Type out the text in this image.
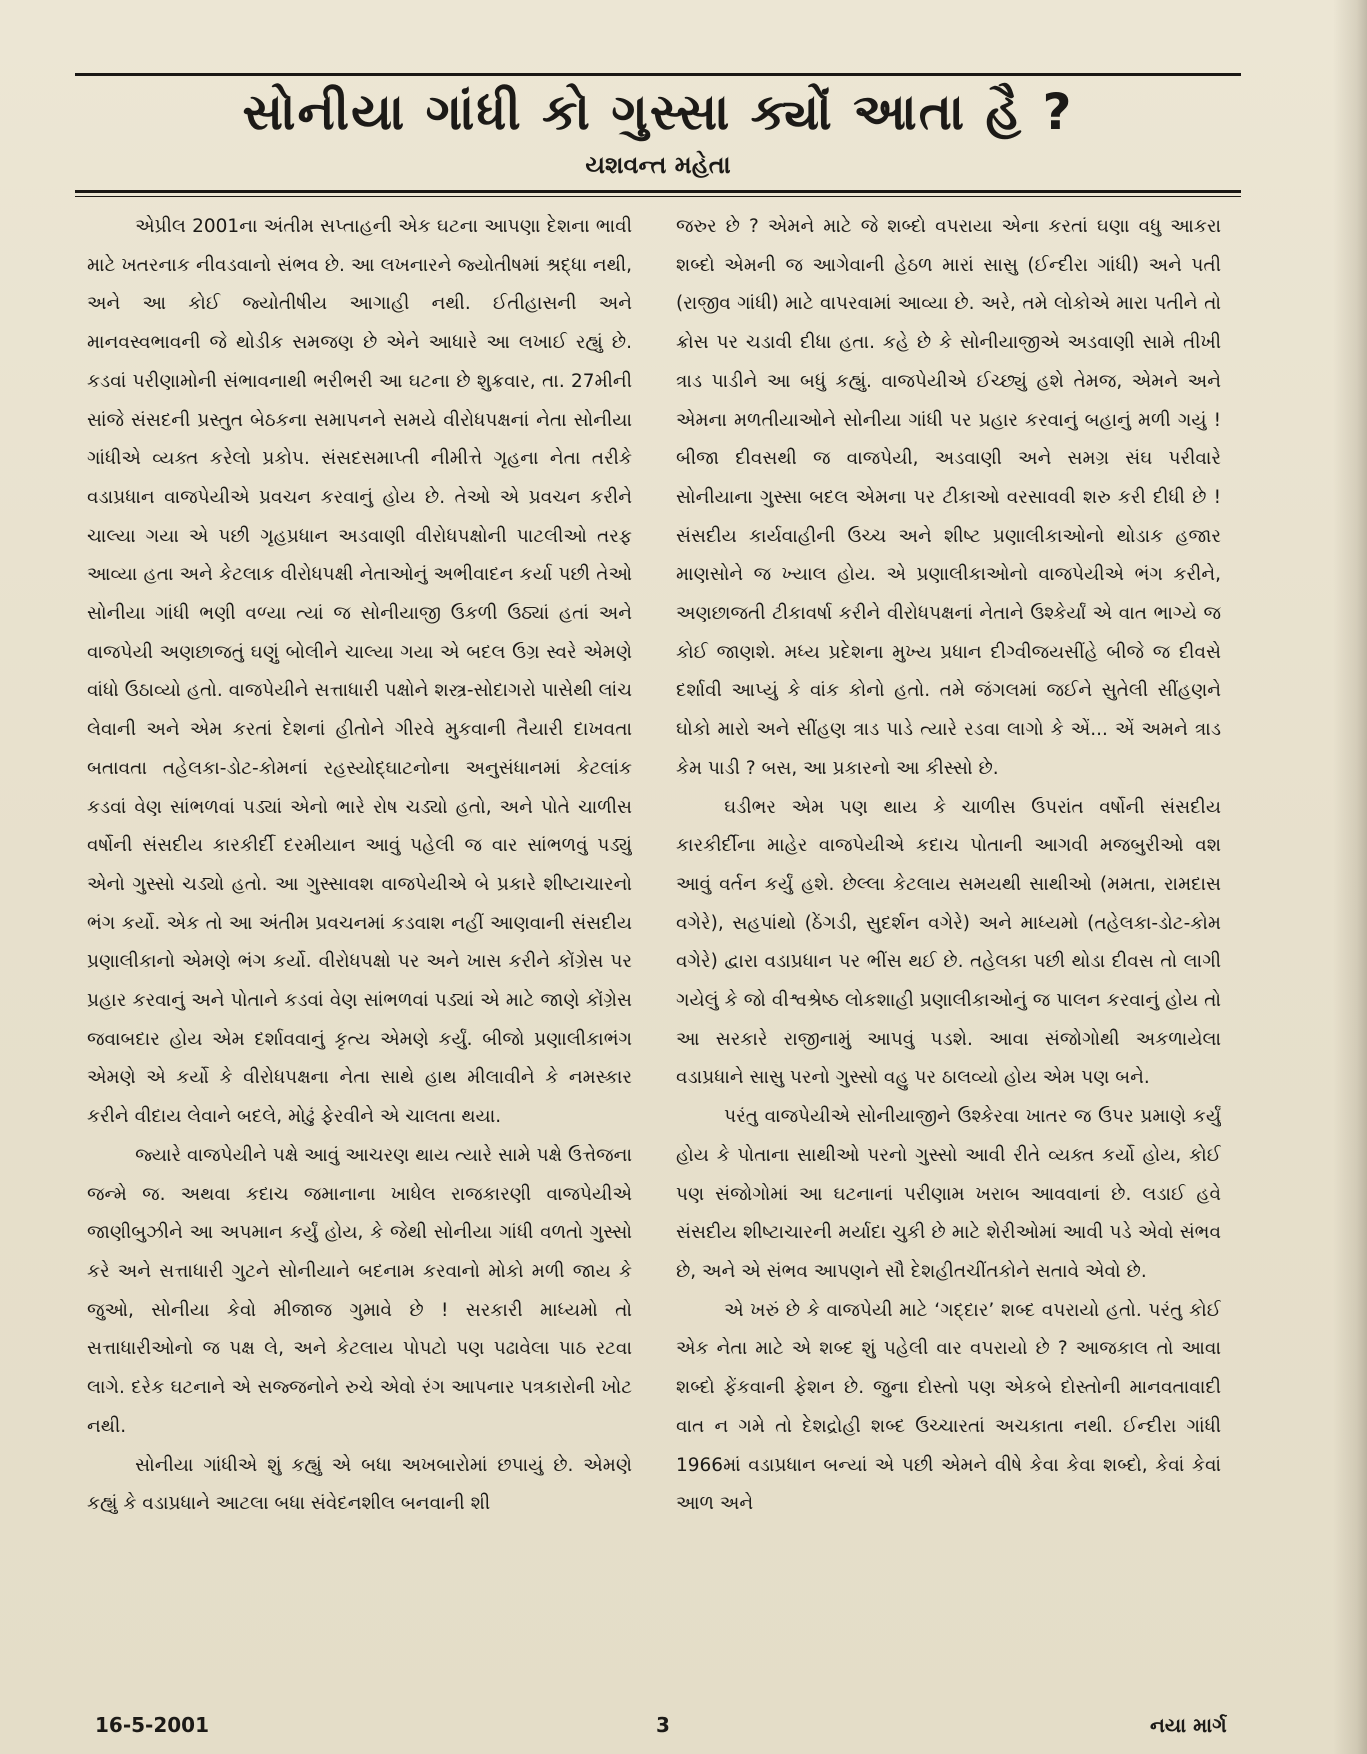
સોનીયા ગાંધી કો ગુસ્સા ક્યોં આતા હૈ ?
યશવન્ત મહેતા

એપ્રીલ 2001ના અંતીમ સપ્તાહની એક ઘટના આપણા દેશના ભાવી માટે ખતરનાક નીવડવાનો સંભવ છે. આ લખનારને જ્યોતીષમાં શ્રદ્ધા નથી, અને આ કોઈ જ્યોતીષીય આગાહી નથી. ઈતીહાસની અને માનવસ્વભાવની જે થોડીક સમજણ છે એને આધારે આ લખાઈ રહ્યું છે. કડવાં પરીણામોની સંભાવનાથી ભરીભરી આ ઘટના છે શુક્રવાર, તા. 27મીની સાંજે સંસદની પ્રસ્તુત બેઠકના સમાપનને સમયે વીરોધપક્ષનાં નેતા સોનીયા ગાંધીએ વ્યક્ત કરેલો પ્રકોપ. સંસદસમાપ્તી નીમીત્તે ગૃહના નેતા તરીકે વડાપ્રધાન વાજપેયીએ પ્રવચન કરવાનું હોય છે. તેઓ એ પ્રવચન કરીને ચાલ્યા ગયા એ પછી ગૃહપ્રધાન અડવાણી વીરોધપક્ષોની પાટલીઓ તરફ આવ્યા હતા અને કેટલાક વીરોધપક્ષી નેતાઓનું અભીવાદન કર્યા પછી તેઓ સોનીયા ગાંધી ભણી વળ્યા ત્યાં જ સોનીયાજી ઉકળી ઉઠ્યાં હતાં અને વાજપેયી અણછાજતું ઘણું બોલીને ચાલ્યા ગયા એ બદલ ઉગ્ર સ્વરે એમણે વાંધો ઉઠાવ્યો હતો. વાજપેયીને સત્તાધારી પક્ષોને શસ્ત્ર-સોદાગરો પાસેથી લાંચ લેવાની અને એમ કરતાં દેશનાં હીતોને ગીરવે મુકવાની તૈયારી દાખવતા બતાવતા તહેલકા-ડોટ-કોમનાં રહસ્યોદ્ઘાટનોના અનુસંધાનમાં કેટલાંક કડવાં વેણ સાંભળવાં પડ્યાં એનો ભારે રોષ ચડ્યો હતો, અને પોતે ચાળીસ વર્ષોની સંસદીય કારકીર્દી દરમીયાન આવું પહેલી જ વાર સાંભળવું પડ્યું એનો ગુસ્સો ચડ્યો હતો. આ ગુસ્સાવશ વાજપેયીએ બે પ્રકારે શીષ્ટાચારનો ભંગ કર્યો. એક તો આ અંતીમ પ્રવચનમાં કડવાશ નહીં આણવાની સંસદીય પ્રણાલીકાનો એમણે ભંગ કર્યો. વીરોધપક્ષો પર અને ખાસ કરીને કોંગ્રેસ પર પ્રહાર કરવાનું અને પોતાને કડવાં વેણ સાંભળવાં પડ્યાં એ માટે જાણે કોંગ્રેસ જવાબદાર હોય એમ દર્શાવવાનું કૃત્ય એમણે કર્યું. બીજો પ્રણાલીકાભંગ એમણે એ કર્યો કે વીરોધપક્ષના નેતા સાથે હાથ મીલાવીને કે નમસ્કાર કરીને વીદાય લેવાને બદલે, મોઢું ફેરવીને એ ચાલતા થયા.

જ્યારે વાજપેયીને પક્ષે આવું આચરણ થાય ત્યારે સામે પક્ષે ઉત્તેજના જન્મે જ. અથવા કદાચ જમાનાના ખાધેલ રાજકારણી વાજપેયીએ જાણીબુઝીને આ અપમાન કર્યું હોય, કે જેથી સોનીયા ગાંધી વળતો ગુસ્સો કરે અને સત્તાધારી ગુટને સોનીયાને બદનામ કરવાનો મોકો મળી જાય કે જુઓ, સોનીયા કેવો મીજાજ ગુમાવે છે ! સરકારી માધ્યમો તો સત્તાધારીઓનો જ પક્ષ લે, અને કેટલાય પોપટો પણ પઢાવેલા પાઠ રટવા લાગે. દરેક ઘટનાને એ સજ્જનોને રુચે એવો રંગ આપનાર પત્રકારોની ખોટ નથી.

સોનીયા ગાંધીએ શું કહ્યું એ બધા અખબારોમાં છપાયું છે. એમણે કહ્યું કે વડાપ્રધાને આટલા બધા સંવેદનશીલ બનવાની શી

જરુર છે ? એમને માટે જે શબ્દો વપરાયા એના કરતાં ઘણા વધુ આકરા શબ્દો એમની જ આગેવાની હેઠળ મારાં સાસુ (ઈન્દીરા ગાંધી) અને પતી (રાજીવ ગાંધી) માટે વાપરવામાં આવ્યા છે. અરે, તમે લોકોએ મારા પતીને તો ક્રોસ પર ચડાવી દીધા હતા. કહે છે કે સોનીયાજીએ અડવાણી સામે તીખી ત્રાડ પાડીને આ બધું કહ્યું. વાજપેયીએ ઈચ્છ્યું હશે તેમજ, એમને અને એમના મળતીયાઓને સોનીયા ગાંધી પર પ્રહાર કરવાનું બહાનું મળી ગયું ! બીજા દીવસથી જ વાજપેયી, અડવાણી અને સમગ્ર સંઘ પરીવારે સોનીયાના ગુસ્સા બદલ એમના પર ટીકાઓ વરસાવવી શરુ કરી દીધી છે ! સંસદીય કાર્યવાહીની ઉચ્ચ અને શીષ્ટ પ્રણાલીકાઓનો થોડાક હજાર માણસોને જ ખ્યાલ હોય. એ પ્રણાલીકાઓનો વાજપેયીએ ભંગ કરીને, અણછાજતી ટીકાવર્ષા કરીને વીરોધપક્ષનાં નેતાને ઉશ્કેર્યાં એ વાત ભાગ્યે જ કોઈ જાણશે. મધ્ય પ્રદેશના મુખ્ય પ્રધાન દીગ્વીજયસીંહે બીજે જ દીવસે દર્શાવી આપ્યું કે વાંક કોનો હતો. તમે જંગલમાં જઈને સુતેલી સીંહણને ઘોકો મારો અને સીંહણ ત્રાડ પાડે ત્યારે રડવા લાગો કે એં... એં અમને ત્રાડ કેમ પાડી ? બસ, આ પ્રકારનો આ કીસ્સો છે.

ઘડીભર એમ પણ થાય કે ચાળીસ ઉપરાંત વર્ષોની સંસદીય કારકીર્દીના માહેર વાજપેયીએ કદાચ પોતાની આગવી મજબુરીઓ વશ આવું વર્તન કર્યું હશે. છેલ્લા કેટલાય સમયથી સાથીઓ (મમતા, રામદાસ વગેરે), સહપાંથો (ઠેંગડી, સુદર્શન વગેરે) અને માધ્યમો (તહેલકા-ડોટ-કોમ વગેરે) દ્વારા વડાપ્રધાન પર ભીંસ થઈ છે. તહેલકા પછી થોડા દીવસ તો લાગી ગયેલું કે જો વીશ્વશ્રેષ્ઠ લોકશાહી પ્રણાલીકાઓનું જ પાલન કરવાનું હોય તો આ સરકારે રાજીનામું આપવું પડશે. આવા સંજોગોથી અકળાયેલા વડાપ્રધાને સાસુ પરનો ગુસ્સો વહુ પર ઠાલવ્યો હોય એમ પણ બને.

પરંતુ વાજપેયીએ સોનીયાજીને ઉશ્કેરવા ખાતર જ ઉપર પ્રમાણે કર્યું હોય કે પોતાના સાથીઓ પરનો ગુસ્સો આવી રીતે વ્યક્ત કર્યો હોય, કોઈ પણ સંજોગોમાં આ ઘટનાનાં પરીણામ ખરાબ આવવાનાં છે. લડાઈ હવે સંસદીય શીષ્ટાચારની મર્યાદા ચુકી છે માટે શેરીઓમાં આવી પડે એવો સંભવ છે, અને એ સંભવ આપણને સૌ દેશહીતચીંતકોને સતાવે એવો છે.

એ ખરું છે કે વાજપેયી માટે ‘ગદ્દાર’ શબ્દ વપરાયો હતો. પરંતુ કોઈ એક નેતા માટે એ શબ્દ શું પહેલી વાર વપરાયો છે ? આજકાલ તો આવા શબ્દો ફેંકવાની ફેશન છે. જુના દોસ્તો પણ એકબે દોસ્તોની માનવતાવાદી વાત ન ગમે તો દેશદ્રોહી શબ્દ ઉચ્ચારતાં અચકાતા નથી. ઈન્દીરા ગાંધી 1966માં વડાપ્રધાન બન્યાં એ પછી એમને વીષે કેવા કેવા શબ્દો, કેવાં કેવાં આળ અને

16-5-2001	3	નયા માર્ગ
